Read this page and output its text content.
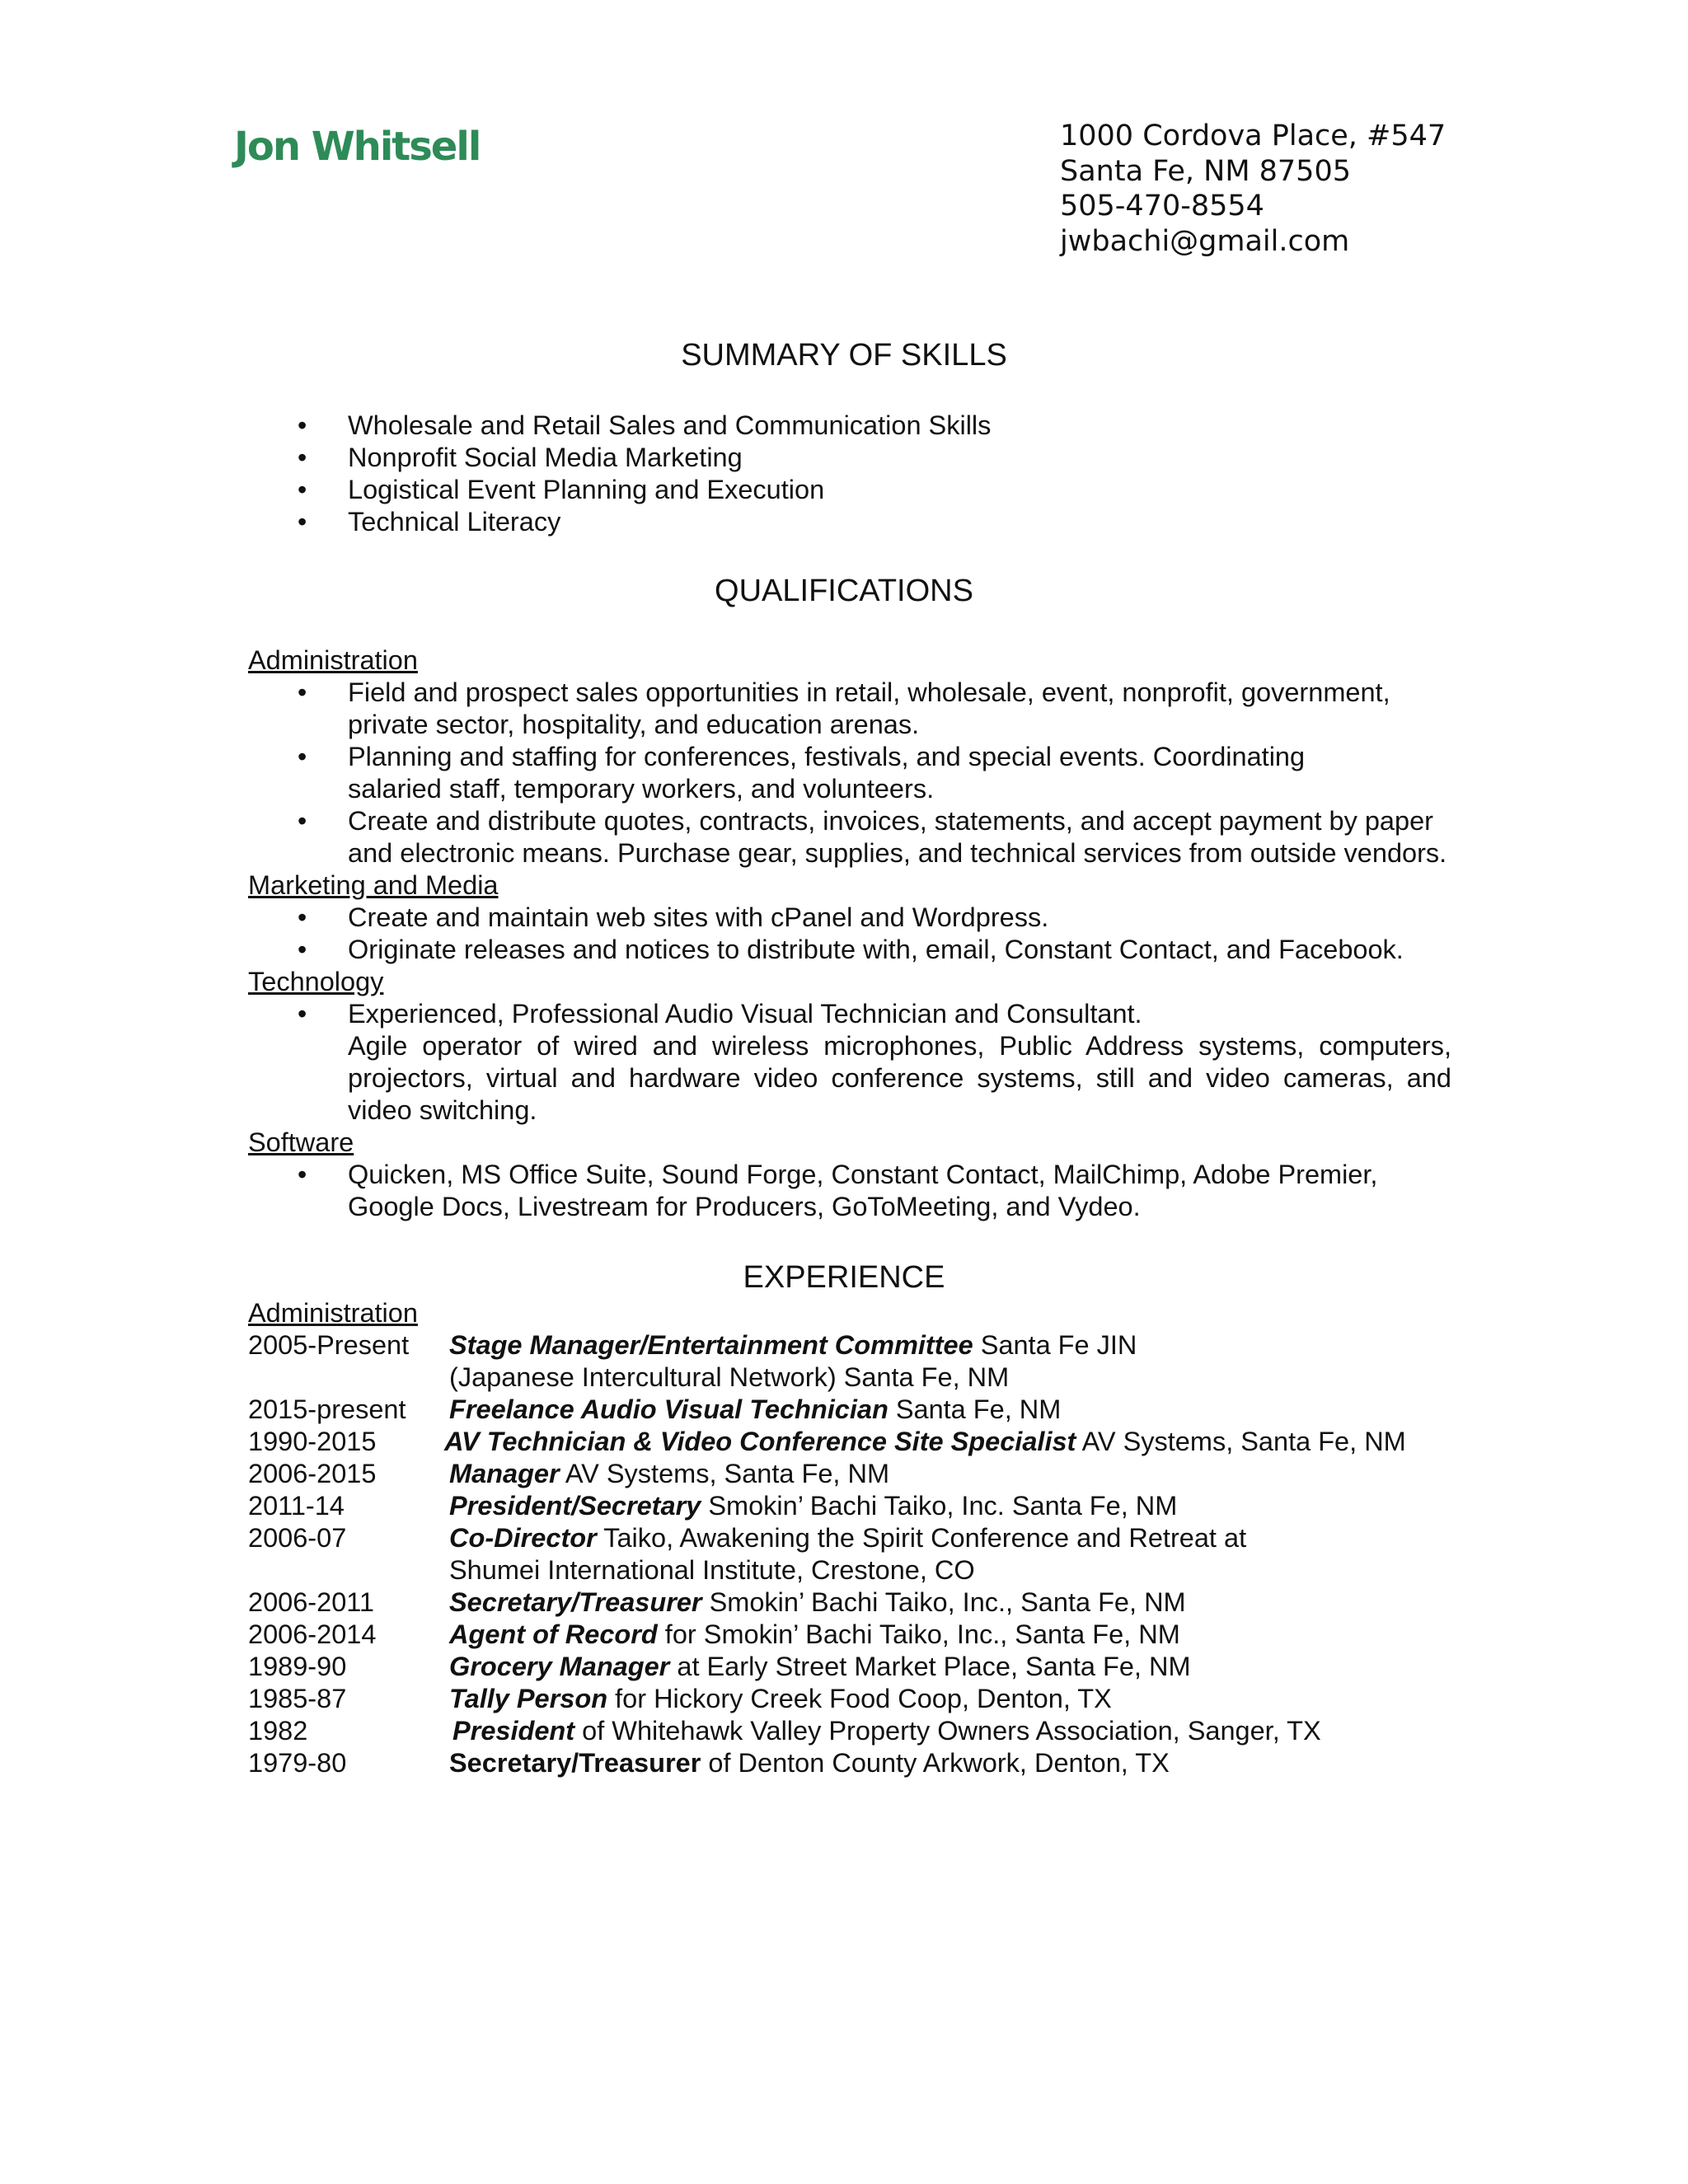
Jon Whitsell	1000 Cordova Place, #547
Santa Fe, NM 87505
505-470-8554
jwbachi@gmail.com
SUMMARY OF SKILLS
• Wholesale and Retail Sales and Communication Skills
• Nonprofit Social Media Marketing
• Logistical Event Planning and Execution
• Technical Literacy
QUALIFICATIONS
Administration
• Field and prospect sales opportunities in retail, wholesale, event, nonprofit, government,
private sector, hospitality, and education arenas.
• Planning and staffing for conferences, festivals, and special events. Coordinating
salaried staff, temporary workers, and volunteers.
• Create and distribute quotes, contracts, invoices, statements, and accept payment by paper
and electronic means. Purchase gear, supplies, and technical services from outside vendors.
Marketing and Media
• Create and maintain web sites with cPanel and Wordpress.
• Originate releases and notices to distribute with, email, Constant Contact, and Facebook.
Technology
• Experienced, Professional Audio Visual Technician and Consultant.
Agile operator of wired and wireless microphones, Public Address systems, computers, projectors, virtual and hardware video conference systems, still and video cameras, and video switching.
Software
• Quicken, MS Office Suite, Sound Forge, Constant Contact, MailChimp, Adobe Premier,
Google Docs, Livestream for Producers, GoToMeeting, and Vydeo.
EXPERIENCE
Administration
2005-Present	Stage Manager/Entertainment Committee Santa Fe JIN
(Japanese Intercultural Network) Santa Fe, NM
2015-present	Freelance Audio Visual Technician Santa Fe, NM
1990-2015	AV Technician & Video Conference Site Specialist AV Systems, Santa Fe, NM
2006-2015	Manager AV Systems, Santa Fe, NM
2011-14	President/Secretary Smokin’ Bachi Taiko, Inc. Santa Fe, NM
2006-07	Co-Director Taiko, Awakening the Spirit Conference and Retreat at
Shumei International Institute, Crestone, CO
2006-2011	Secretary/Treasurer Smokin’ Bachi Taiko, Inc., Santa Fe, NM
2006-2014	Agent of Record for Smokin’ Bachi Taiko, Inc., Santa Fe, NM
1989-90	Grocery Manager at Early Street Market Place, Santa Fe, NM
1985-87	Tally Person for Hickory Creek Food Coop, Denton, TX
1982	President of Whitehawk Valley Property Owners Association, Sanger, TX
1979-80	Secretary/Treasurer of Denton County Arkwork, Denton, TX
